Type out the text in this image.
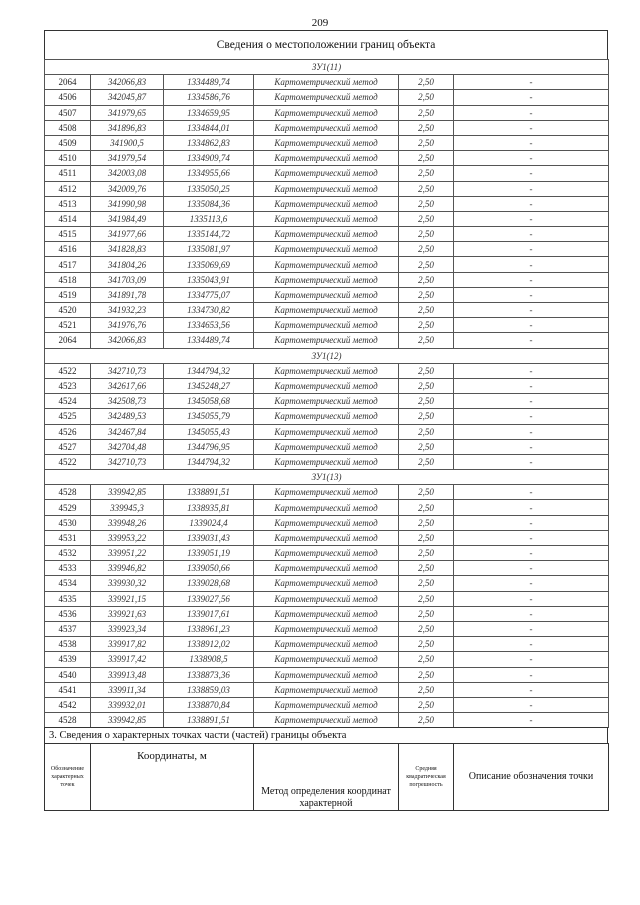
209
Сведения о местоположении границ объекта
ЗУ1(11)					
2064	342066,83	1334489,74	Картометрический метод	2,50	-
4506	342045,87	1334586,76	Картометрический метод	2,50	-
4507	341979,65	1334659,95	Картометрический метод	2,50	-
4508	341896,83	1334844,01	Картометрический метод	2,50	-
4509	341900,5	1334862,83	Картометрический метод	2,50	-
4510	341979,54	1334909,74	Картометрический метод	2,50	-
4511	342003,08	1334955,66	Картометрический метод	2,50	-
4512	342009,76	1335050,25	Картометрический метод	2,50	-
4513	341990,98	1335084,36	Картометрический метод	2,50	-
4514	341984,49	1335113,6	Картометрический метод	2,50	-
4515	341977,66	1335144,72	Картометрический метод	2,50	-
4516	341828,83	1335081,97	Картометрический метод	2,50	-
4517	341804,26	1335069,69	Картометрический метод	2,50	-
4518	341703,09	1335043,91	Картометрический метод	2,50	-
4519	341891,78	1334775,07	Картометрический метод	2,50	-
4520	341932,23	1334730,82	Картометрический метод	2,50	-
4521	341976,76	1334653,56	Картометрический метод	2,50	-
2064	342066,83	1334489,74	Картометрический метод	2,50	-
ЗУ1(12)					
4522	342710,73	1344794,32	Картометрический метод	2,50	-
4523	342617,66	1345248,27	Картометрический метод	2,50	-
4524	342508,73	1345058,68	Картометрический метод	2,50	-
4525	342489,53	1345055,79	Картометрический метод	2,50	-
4526	342467,84	1345055,43	Картометрический метод	2,50	-
4527	342704,48	1344796,95	Картометрический метод	2,50	-
4522	342710,73	1344794,32	Картометрический метод	2,50	-
ЗУ1(13)					
4528	339942,85	1338891,51	Картометрический метод	2,50	-
4529	339945,3	1338935,81	Картометрический метод	2,50	-
4530	339948,26	1339024,4	Картометрический метод	2,50	-
4531	339953,22	1339031,43	Картометрический метод	2,50	-
4532	339951,22	1339051,19	Картометрический метод	2,50	-
4533	339946,82	1339050,66	Картометрический метод	2,50	-
4534	339930,32	1339028,68	Картометрический метод	2,50	-
4535	339921,15	1339027,56	Картометрический метод	2,50	-
4536	339921,63	1339017,61	Картометрический метод	2,50	-
4537	339923,34	1338961,23	Картометрический метод	2,50	-
4538	339917,82	1338912,02	Картометрический метод	2,50	-
4539	339917,42	1338908,5	Картометрический метод	2,50	-
4540	339913,48	1338873,36	Картометрический метод	2,50	-
4541	339911,34	1338859,03	Картометрический метод	2,50	-
4542	339932,01	1338870,84	Картометрический метод	2,50	-
4528	339942,85	1338891,51	Картометрический метод	2,50	-
3. Сведения о характерных точках части (частей) границы объекта
Обозначение характерных точек	Координаты, м	Метод определения координат характерной	Средняя квадратическая погрешность	Описание обозначения точки
